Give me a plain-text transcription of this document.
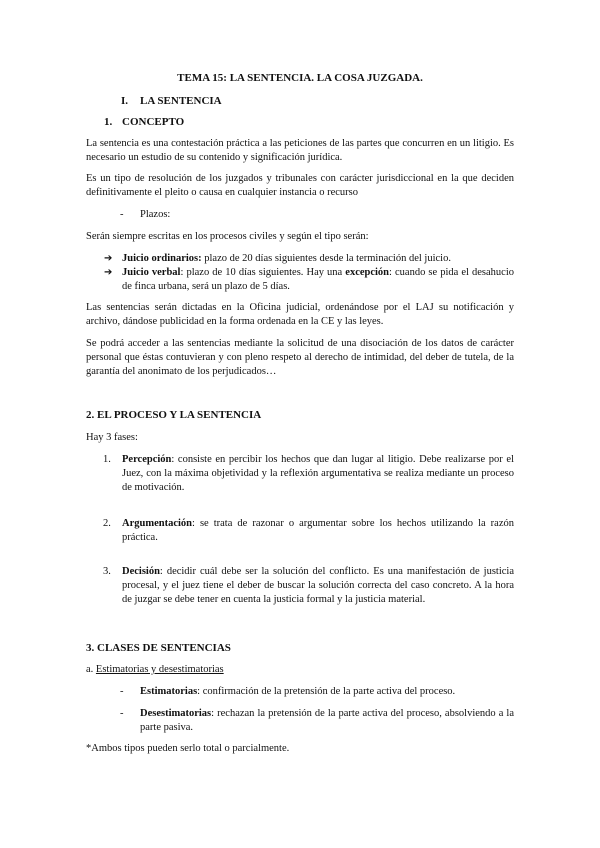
TEMA 15: LA SENTENCIA. LA COSA JUZGADA.
I. LA SENTENCIA
1. CONCEPTO
La sentencia es una contestación práctica a las peticiones de las partes que concurren en un litigio. Es necesario un estudio de su contenido y significación jurídica.
Es un tipo de resolución de los juzgados y tribunales con carácter jurisdiccional en la que deciden definitivamente el pleito o causa en cualquier instancia o recurso
- Plazos:
Serán siempre escritas en los procesos civiles y según el tipo serán:
➔ Juicio ordinarios: plazo de 20 días siguientes desde la terminación del juicio.
➔ Juicio verbal: plazo de 10 días siguientes. Hay una excepción: cuando se pida el desahucio de finca urbana, será un plazo de 5 días.
Las sentencias serán dictadas en la Oficina judicial, ordenándose por el LAJ su notificación y archivo, dándose publicidad en la forma ordenada en la CE y las leyes.
Se podrá acceder a las sentencias mediante la solicitud de una disociación de los datos de carácter personal que éstas contuvieran y con pleno respeto al derecho de intimidad, del deber de tutela, de la garantía del anonimato de los perjudicados…
2. EL PROCESO Y LA SENTENCIA
Hay 3 fases:
1. Percepción: consiste en percibir los hechos que dan lugar al litigio. Debe realizarse por el Juez, con la máxima objetividad y la reflexión argumentativa se realiza mediante un proceso de motivación.
2. Argumentación: se trata de razonar o argumentar sobre los hechos utilizando la razón práctica.
3. Decisión: decidir cuál debe ser la solución del conflicto. Es una manifestación de justicia procesal, y el juez tiene el deber de buscar la solución correcta del caso concreto. A la hora de juzgar se debe tener en cuenta la justicia formal y la justicia material.
3. CLASES DE SENTENCIAS
a. Estimatorias y desestimatorias
- Estimatorias: confirmación de la pretensión de la parte activa del proceso.
- Desestimatorias: rechazan la pretensión de la parte activa del proceso, absolviendo a la parte pasiva.
*Ambos tipos pueden serlo total o parcialmente.
